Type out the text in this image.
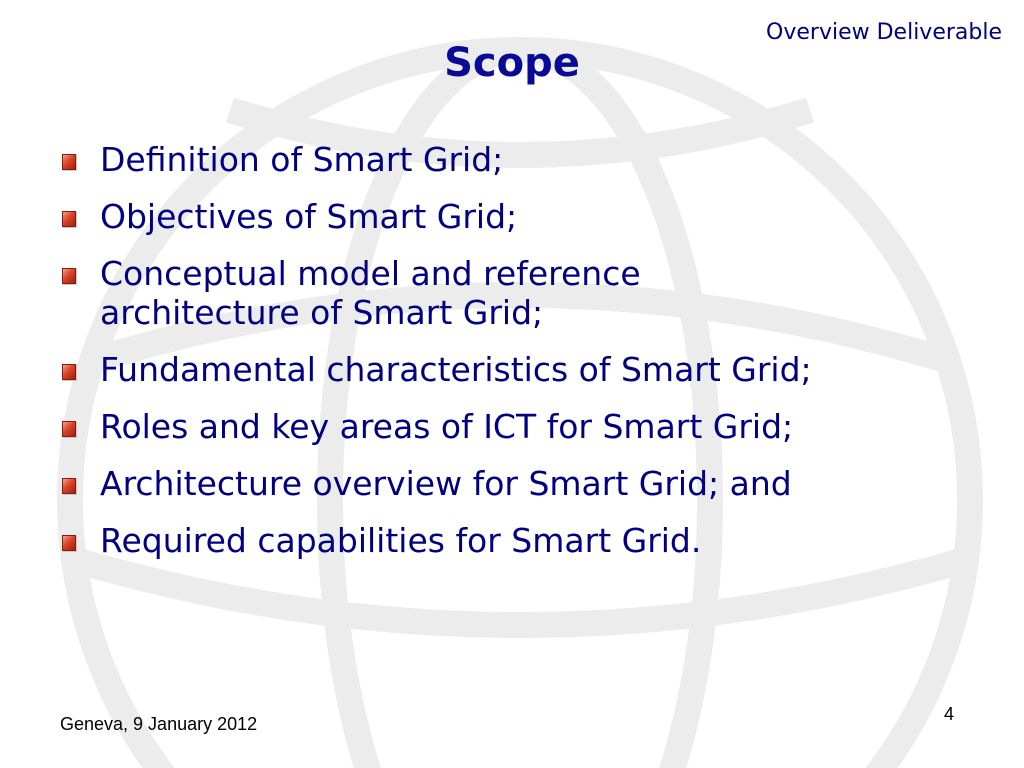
Overview Deliverable
Scope
Definition of Smart Grid;
Objectives of Smart Grid;
Conceptual model and reference
architecture of Smart Grid;
Fundamental characteristics of Smart Grid;
Roles and key areas of ICT for Smart Grid;
Architecture overview for Smart Grid; and
Required capabilities for Smart Grid.
Geneva, 9 January 2012	4
